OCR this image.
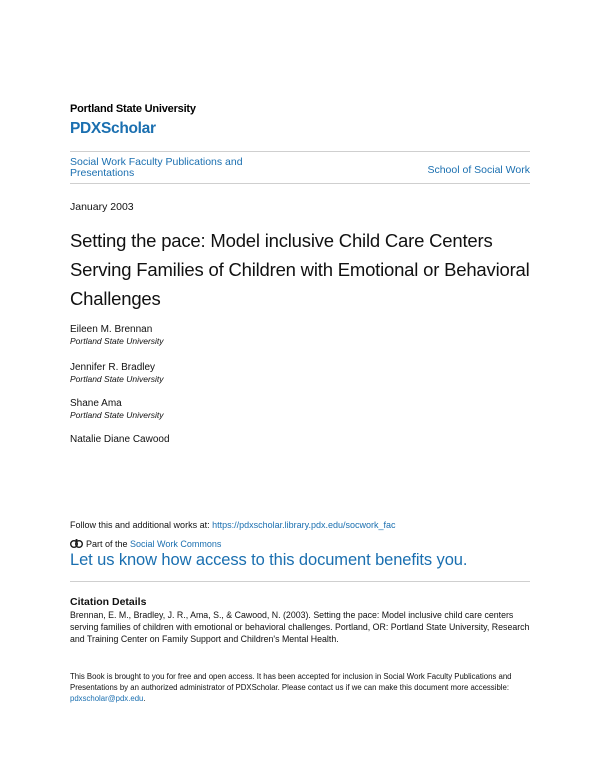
Portland State University
PDXScholar
Social Work Faculty Publications and Presentations	School of Social Work
January 2003
Setting the pace: Model inclusive Child Care Centers Serving Families of Children with Emotional or Behavioral Challenges
Eileen M. Brennan
Portland State University
Jennifer R. Bradley
Portland State University
Shane Ama
Portland State University
Natalie Diane Cawood
Follow this and additional works at: https://pdxscholar.library.pdx.edu/socwork_fac
Part of the
Social Work Commons
Let us know how access to this document benefits you.
Citation Details
Brennan, E. M., Bradley, J. R., Ama, S., & Cawood, N. (2003). Setting the pace: Model inclusive child care centers serving families of children with emotional or behavioral challenges. Portland, OR: Portland State University, Research and Training Center on Family Support and Children's Mental Health.
This Book is brought to you for free and open access. It has been accepted for inclusion in Social Work Faculty Publications and Presentations by an authorized administrator of PDXScholar. Please contact us if we can make this document more accessible: pdxscholar@pdx.edu.
